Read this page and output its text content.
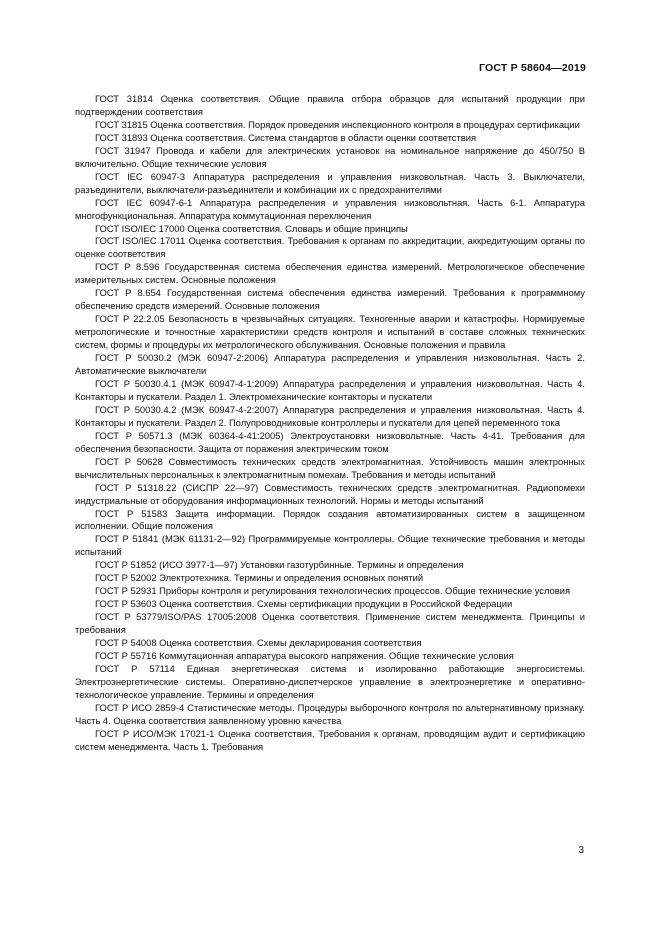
ГОСТ Р 58604—2019

ГОСТ 31814 Оценка соответствия. Общие правила отбора образцов для испытаний продукции при подтверждении соответствия

ГОСТ 31815 Оценка соответствия. Порядок проведения инспекционного контроля в процедурах сертификации

ГОСТ 31893 Оценка соответствия. Система стандартов в области оценки соответствия

ГОСТ 31947 Провода и кабели для электрических установок на номинальное напряжение до 450/750 В включительно. Общие технические условия

ГОСТ IEC 60947-3 Аппаратура распределения и управления низковольтная. Часть 3. Выключатели, разъединители, выключатели-разъединители и комбинации их с предохранителями

ГОСТ IEC 60947-6-1 Аппаратура распределения и управления низковольтная. Часть 6-1. Аппаратура многофункциональная. Аппаратура коммутационная переключения

ГОСТ ISO/IEC 17000 Оценка соответствия. Словарь и общие принципы

ГОСТ ISO/IEC 17011 Оценка соответствия. Требования к органам по аккредитации, аккредитующим органы по оценке соответствия

ГОСТ Р 8.596 Государственная система обеспечения единства измерений. Метрологическое обеспечение измерительных систем. Основные положения

ГОСТ Р 8.654 Государственная система обеспечения единства измерений. Требования к программному обеспечению средств измерений. Основные положения

ГОСТ Р 22.2.05 Безопасность в чрезвычайных ситуациях. Техногенные аварии и катастрофы. Нормируемые метрологические и точностные характеристики средств контроля и испытаний в составе сложных технических систем, формы и процедуры их метрологического обслуживания. Основные положения и правила

ГОСТ Р 50030.2 (МЭК 60947-2:2006) Аппаратура распределения и управления низковольтная. Часть 2. Автоматические выключатели

ГОСТ Р 50030.4.1 (МЭК 60947-4-1:2009) Аппаратура распределения и управления низковольтная. Часть 4. Контакторы и пускатели. Раздел 1. Электромеханические контакторы и пускатели

ГОСТ Р 50030.4.2 (МЭК 60947-4-2:2007) Аппаратура распределения и управления низковольтная. Часть 4. Контакторы и пускатели. Раздел 2. Полупроводниковые контроллеры и пускатели для цепей переменного тока

ГОСТ Р 50571.3 (МЭК 60364-4-41:2005) Электроустановки низковольтные. Часть 4-41. Требования для обеспечения безопасности. Защита от поражения электрическим током

ГОСТ Р 50628 Совместимость технических средств электромагнитная. Устойчивость машин электронных вычислительных персональных к электромагнитным помехам. Требования и методы испытаний

ГОСТ Р 51318.22 (СИСПР 22—97) Совместимость технических средств электромагнитная. Радиопомехи индустриальные от оборудования информационных технологий. Нормы и методы испытаний

ГОСТ Р 51583 Защита информации. Порядок создания автоматизированных систем в защищенном исполнении. Общие положения

ГОСТ Р 51841 (МЭК 61131-2—92) Программируемые контроллеры. Общие технические требования и методы испытаний

ГОСТ Р 51852 (ИСО 3977-1—97) Установки газотурбинные. Термины и определения

ГОСТ Р 52002 Электротехника. Термины и определения основных понятий

ГОСТ Р 52931 Приборы контроля и регулирования технологических процессов. Общие технические условия

ГОСТ Р 53603 Оценка соответствия. Схемы сертификации продукции в Российской Федерации

ГОСТ Р 53779/ISO/PAS 17005:2008 Оценка соответствия. Применение систем менеджмента. Принципы и требования

ГОСТ Р 54008 Оценка соответствия. Схемы декларирования соответствия

ГОСТ Р 55716 Коммутационная аппаратура высокого напряжения. Общие технические условия

ГОСТ Р 57114 Единая энергетическая система и изолированно работающие энергосистемы. Электроэнергетические системы. Оперативно-диспетчерское управление в электроэнергетике и оперативно-технологическое управление. Термины и определения

ГОСТ Р ИСО 2859-4 Статистические методы. Процедуры выборочного контроля по альтернативному признаку. Часть 4. Оценка соответствия заявленному уровню качества

ГОСТ Р ИСО/МЭК 17021-1 Оценка соответствия. Требования к органам, проводящим аудит и сертификацию систем менеджмента. Часть 1. Требования

3
